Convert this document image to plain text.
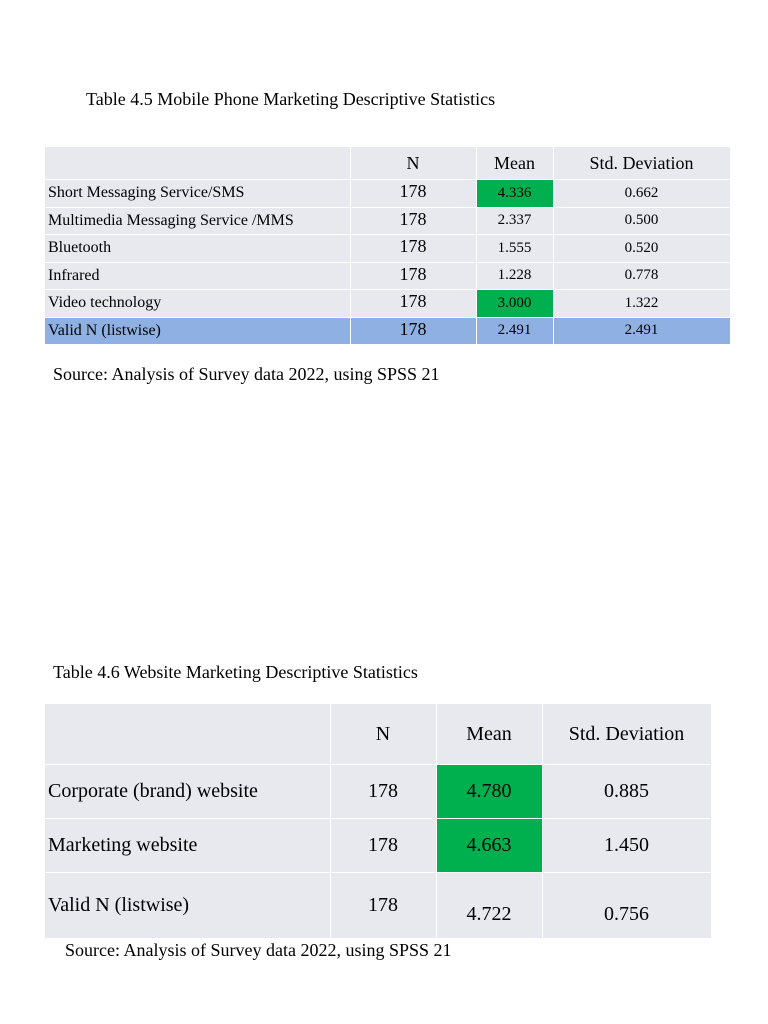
Table 4.5 Mobile Phone Marketing Descriptive Statistics
	N	Mean	Std. Deviation
Short Messaging Service/SMS	178	4.336	0.662
Multimedia Messaging Service /MMS	178	2.337	0.500
Bluetooth	178	1.555	0.520
Infrared	178	1.228	0.778
Video technology	178	3.000	1.322
Valid N (listwise)	178	2.491	2.491
Source: Analysis of Survey data 2022, using SPSS 21
Table 4.6 Website Marketing Descriptive Statistics
	N	Mean	Std. Deviation
Corporate (brand) website	178	4.780	0.885
Marketing website	178	4.663	1.450
Valid N (listwise)	178	4.722	0.756
Source: Analysis of Survey data 2022, using SPSS 21
